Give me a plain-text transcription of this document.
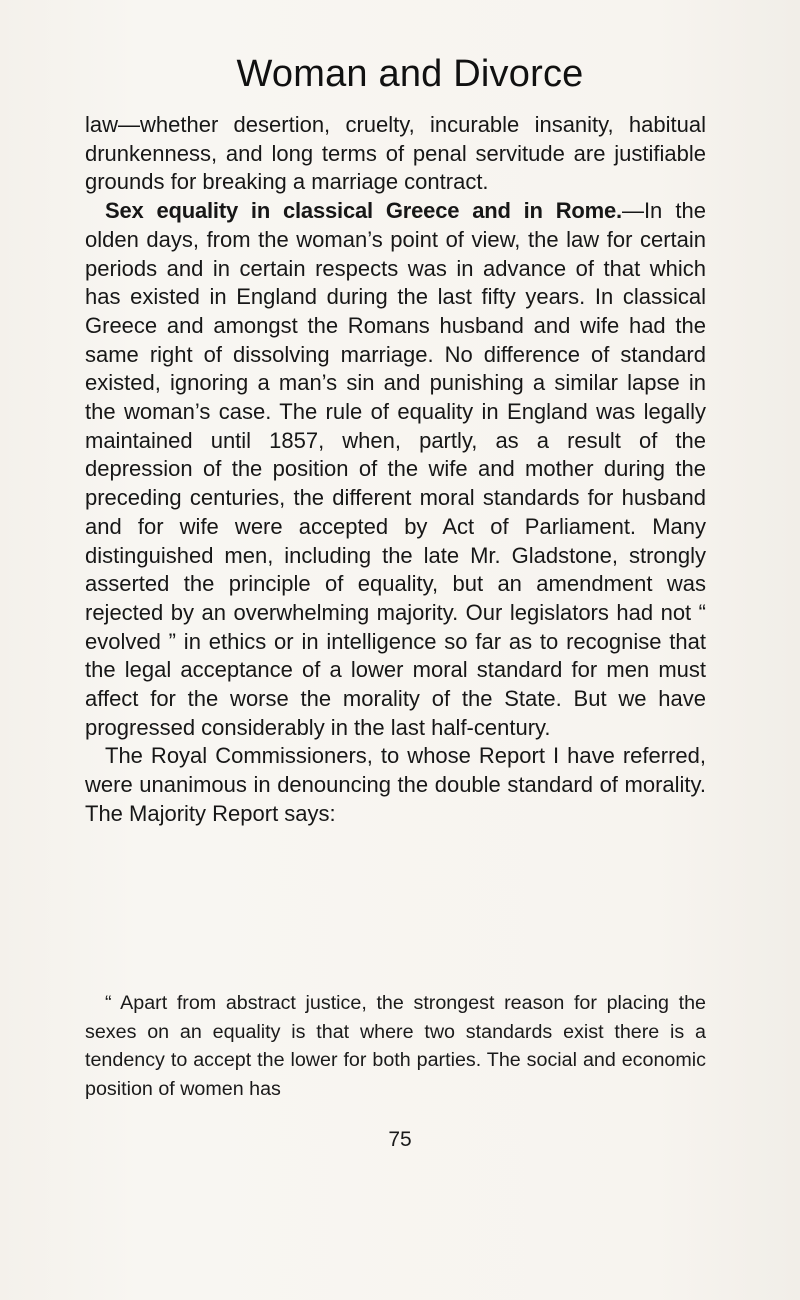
Woman and Divorce

law—whether desertion, cruelty, incurable insanity, habitual drunkenness, and long terms of penal servitude are justifiable grounds for breaking a marriage contract.

Sex equality in classical Greece and in Rome.—In the olden days, from the woman’s point of view, the law for certain periods and in certain respects was in advance of that which has existed in England during the last fifty years. In classical Greece and amongst the Romans husband and wife had the same right of dissolving marriage. No difference of standard existed, ignoring a man’s sin and punishing a similar lapse in the woman’s case. The rule of equality in England was legally maintained until 1857, when, partly, as a result of the depression of the position of the wife and mother during the preceding centuries, the different moral standards for husband and for wife were accepted by Act of Parliament. Many distinguished men, including the late Mr. Gladstone, strongly asserted the principle of equality, but an amendment was rejected by an overwhelming majority. Our legislators had not “ evolved ” in ethics or in intelligence so far as to recognise that the legal acceptance of a lower moral standard for men must affect for the worse the morality of the State. But we have progressed considerably in the last half-century.

The Royal Commissioners, to whose Report I have referred, were unanimous in denouncing the double standard of morality. The Majority Report says:

“ Apart from abstract justice, the strongest reason for placing the sexes on an equality is that where two standards exist there is a tendency to accept the lower for both parties. The social and economic position of women has

75
